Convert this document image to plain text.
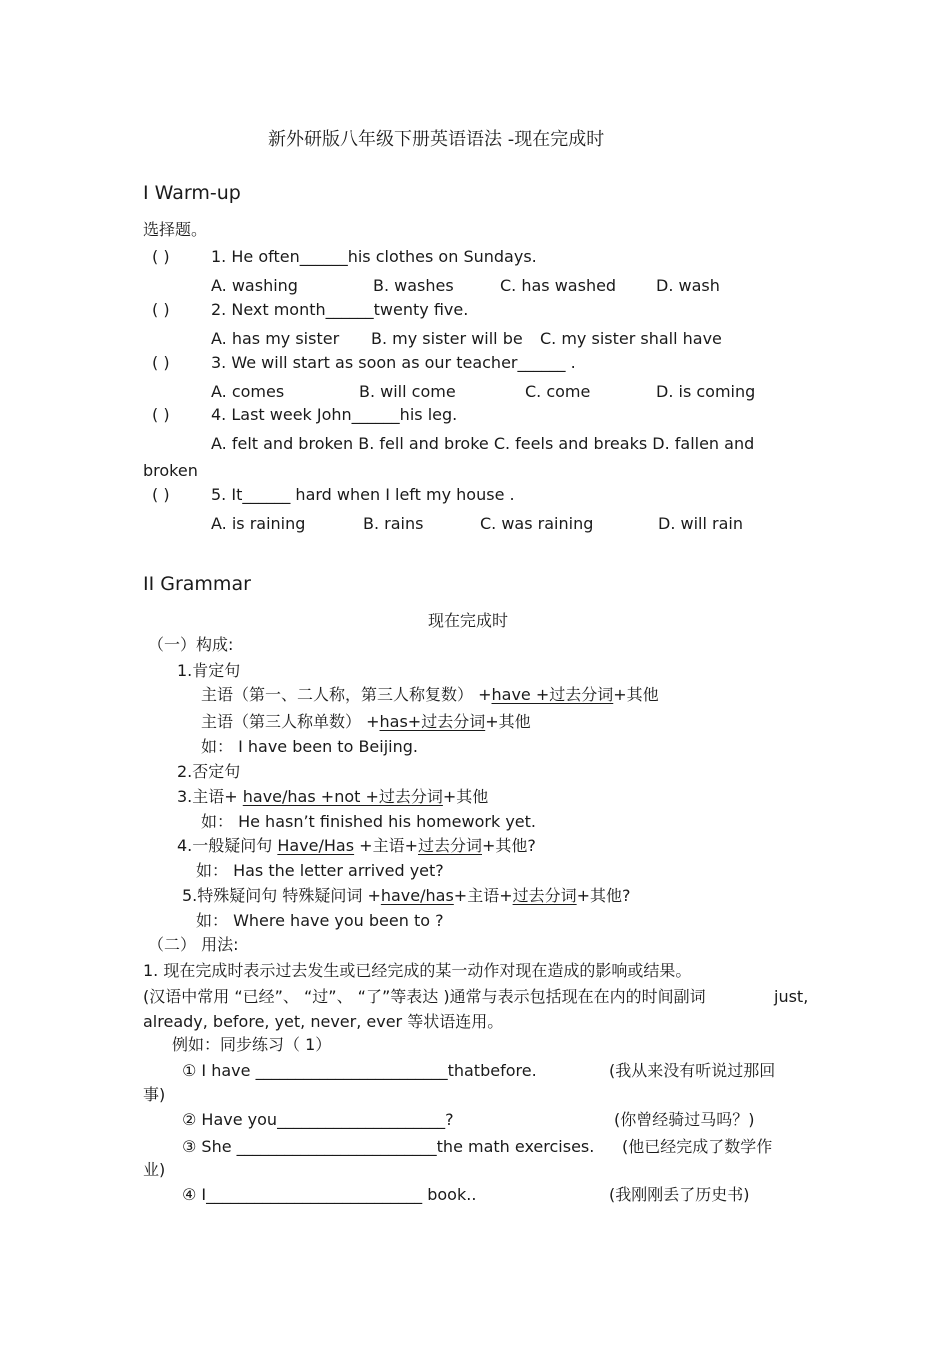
新外研版八年级下册英语语法 -现在完成时
I Warm-up
选择题。
( )	1. He often______his clothes on Sundays.
A. washing	B. washes	C. has washed D. wash
( )	2. Next month______twenty five.
A. has my sister B. my sister will be C. my sister shall have
( )	3. We will start as soon as our teacher______ .
A. comes	B. will come	C. come	D. is coming
( )	4. Last week John______his leg.
A. felt and broken B. fell and broke C. feels and breaks D. fallen and
broken
( )	5. It______ hard when I left my house .
A. is raining	B. rains	C. was raining	D. will rain
II Grammar
现在完成时
（一）构成:
1.肯定句
主语（第一、二人称，第三人称复数） +have +过去分词+其他
主语（第三人称单数） +has+过去分词+其他
如： I have been to Beijing.
2.否定句
3.主语+ have/has +not +过去分词+其他
如： He hasn’t finished his homework yet.
4.一般疑问句 Have/Has +主语+过去分词+其他?
如： Has the letter arrived yet?
5.特殊疑问句 特殊疑问词 +have/has+主语+过去分词+其他?
如： Where have you been to ?
（二） 用法:
1. 现在完成时表示过去发生或已经完成的某一动作对现在造成的影响或结果。
(汉语中常用 “已经”、 “过”、 “了”等表达 )通常与表示包括现在在内的时间副词	just,
already, before, yet, never, ever 等状语连用。
例如：同步练习（ 1）
① I have ________________________thatbefore.	(我从来没有听说过那回
事)
② Have you_____________________?	(你曾经骑过马吗？)
③ She _________________________the math exercises. (他已经完成了数学作
业)
④ I___________________________ book..	(我刚刚丢了历史书)
